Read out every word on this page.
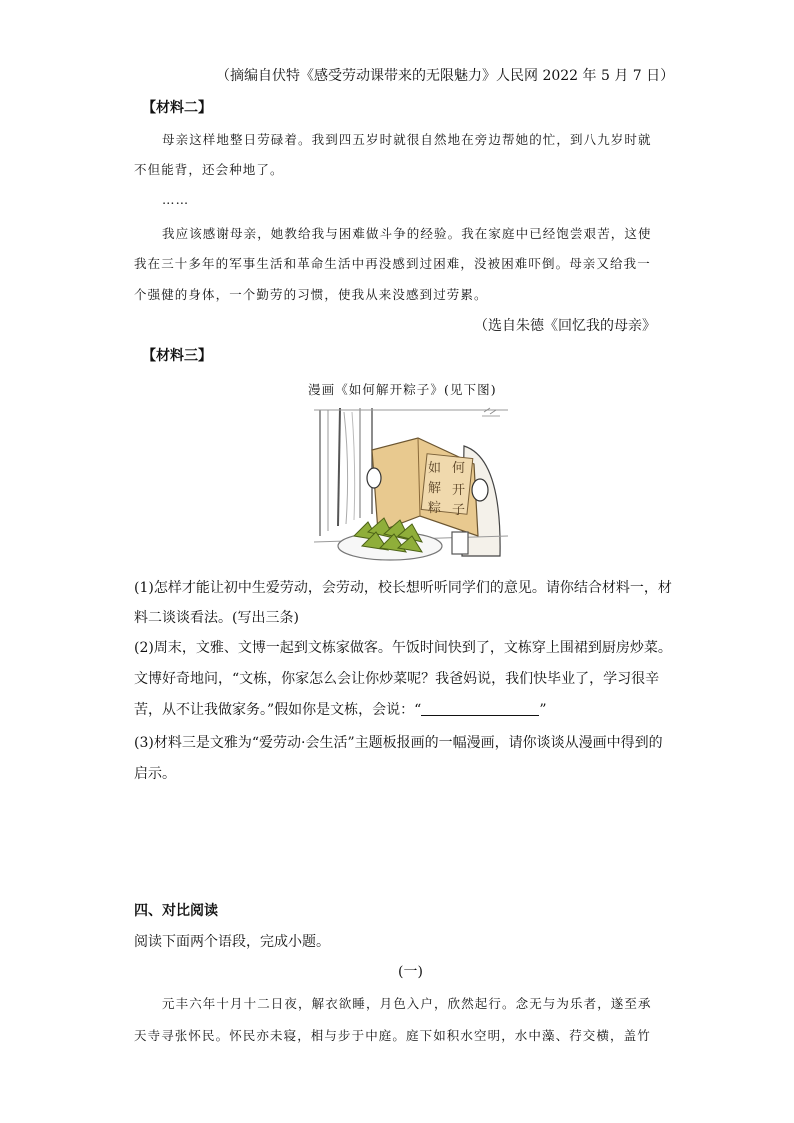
（摘编自伏特《感受劳动课带来的无限魅力》人民网 2022 年 5 月 7 日）
【材料二】
母亲这样地整日劳碌着。我到四五岁时就很自然地在旁边帮她的忙，到八九岁时就
不但能背，还会种地了。
……
我应该感谢母亲，她教给我与困难做斗争的经验。我在家庭中已经饱尝艰苦，这使
我在三十多年的军事生活和革命生活中再没感到过困难，没被困难吓倒。母亲又给我一
个强健的身体，一个勤劳的习惯，使我从来没感到过劳累。
（选自朱德《回忆我的母亲》
【材料三】
漫画《如何解开粽子》(见下图)
如 何
解 开
粽 子
(1)怎样才能让初中生爱劳动，会劳动，校长想听听同学们的意见。请你结合材料一，材
料二谈谈看法。(写出三条)
(2)周末，文雅、文博一起到文栋家做客。午饭时间快到了，文栋穿上围裙到厨房炒菜。
文博好奇地问，“文栋，你家怎么会让你炒菜呢？我爸妈说，我们快毕业了，学习很辛
苦，从不让我做家务。”假如你是文栋，会说：“	”
(3)材料三是文雅为“爱劳动·会生活”主题板报画的一幅漫画，请你谈谈从漫画中得到的
启示。
四、对比阅读
阅读下面两个语段，完成小题。
(一)
元丰六年十月十二日夜，解衣欲睡，月色入户，欣然起行。念无与为乐者，遂至承
天寺寻张怀民。怀民亦未寝，相与步于中庭。庭下如积水空明，水中藻、荇交横，盖竹
